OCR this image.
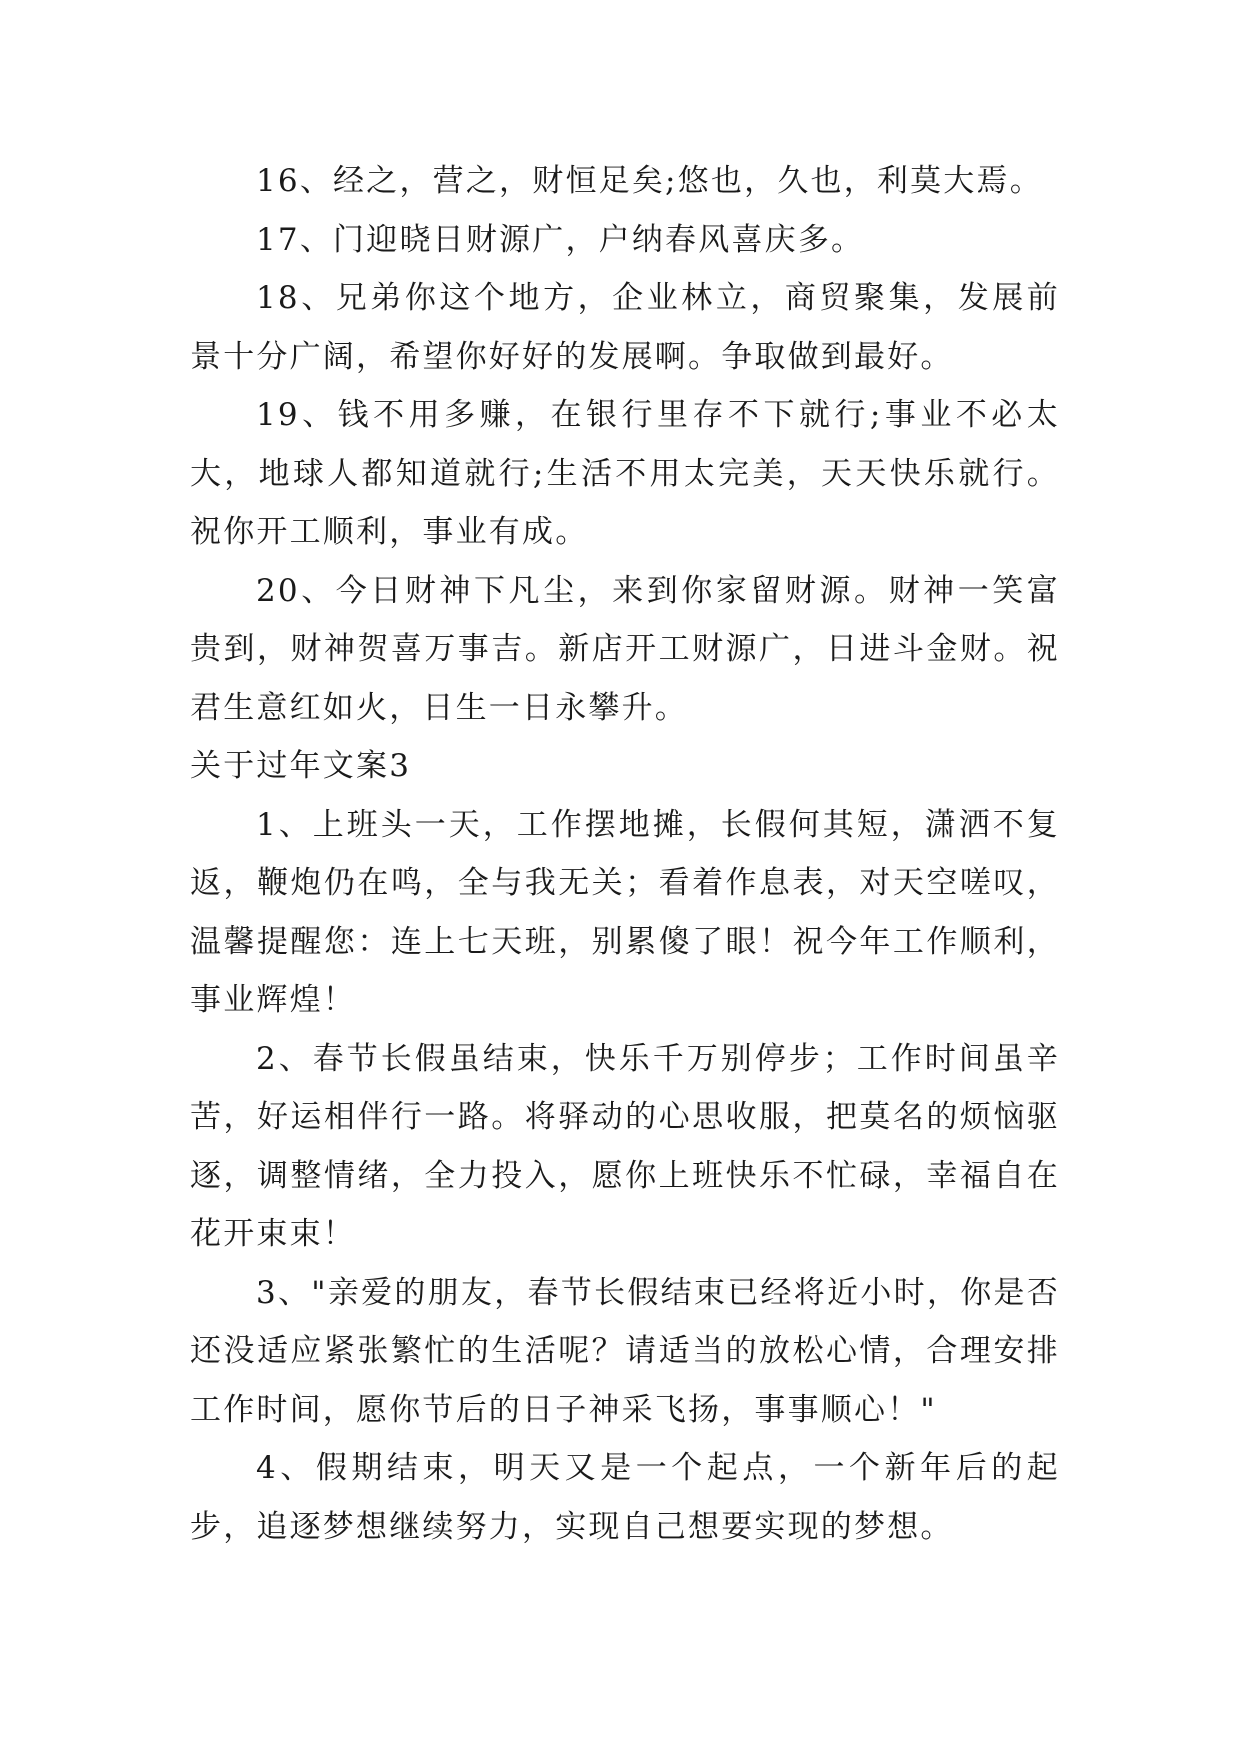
16、经之，营之，财恒足矣;悠也，久也，利莫大焉。

17、门迎晓日财源广，户纳春风喜庆多。

18、兄弟你这个地方，企业林立，商贸聚集，发展前景十分广阔，希望你好好的发展啊。争取做到最好。

19、钱不用多赚，在银行里存不下就行;事业不必太大，地球人都知道就行;生活不用太完美，天天快乐就行。祝你开工顺利，事业有成。

20、今日财神下凡尘，来到你家留财源。财神一笑富贵到，财神贺喜万事吉。新店开工财源广，日进斗金财。祝君生意红如火，日生一日永攀升。

关于过年文案3

1、上班头一天，工作摆地摊，长假何其短，潇洒不复返，鞭炮仍在鸣，全与我无关；看着作息表，对天空嗟叹，温馨提醒您：连上七天班，别累傻了眼！祝今年工作顺利，事业辉煌！

2、春节长假虽结束，快乐千万别停步；工作时间虽辛苦，好运相伴行一路。将驿动的心思收服，把莫名的烦恼驱逐，调整情绪，全力投入，愿你上班快乐不忙碌，幸福自在花开束束！

3、"亲爱的朋友，春节长假结束已经将近小时，你是否还没适应紧张繁忙的生活呢？请适当的放松心情，合理安排工作时间，愿你节后的日子神采飞扬，事事顺心！"

4、假期结束，明天又是一个起点，一个新年后的起步，追逐梦想继续努力，实现自己想要实现的梦想。
